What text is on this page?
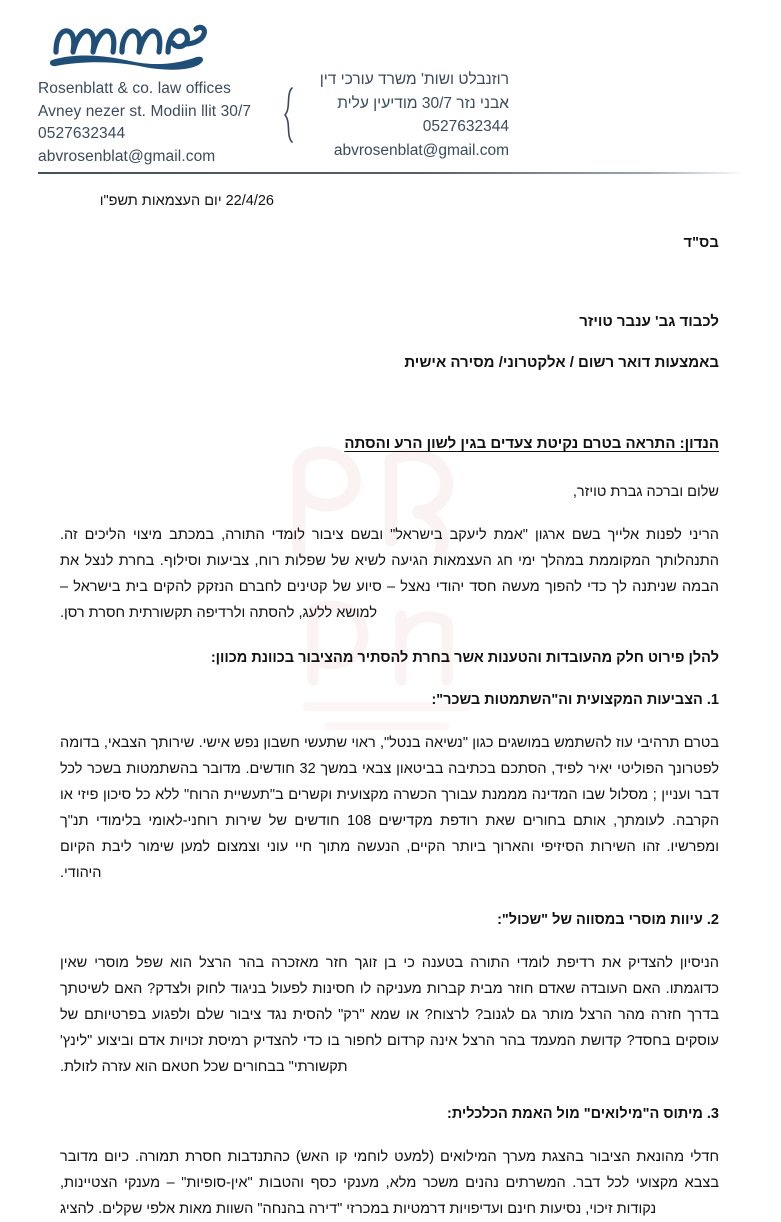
Rosenblatt & co. law offices
Avney nezer st. Modiin llit 30/7
0527632344
abvrosenblat@gmail.com
רוזנבלט ושות' משרד עורכי דין
אבני נזר 30/7 מודיעין עלית
0527632344
abvrosenblat@gmail.com
22/4/26 יום העצמאות תשפ"ו
בס"ד
לכבוד גב' ענבר טויזר
באמצעות דואר רשום / אלקטרוני/ מסירה אישית
הנדון: התראה בטרם נקיטת צעדים בגין לשון הרע והסתה
שלום וברכה גברת טויזר,

הריני לפנות אלייך בשם ארגון "אמת ליעקב בישראל" ובשם ציבור לומדי התורה, במכתב מיצוי הליכים זה. התנהלותך המקוממת במהלך ימי חג העצמאות הגיעה לשיא של שפלות רוח, צביעות וסילוף. בחרת לנצל את הבמה שניתנה לך כדי להפוך מעשה חסד יהודי נאצל – סיוע של קטינים לחברם הנזקק להקים בית בישראל – למושא ללעג, להסתה ולרדיפה תקשורתית חסרת רסן.

להלן פירוט חלק מהעובדות והטענות אשר בחרת להסתיר מהציבור בכוונת מכוון:
1. הצביעות המקצועית וה"השתמטות בשכר":

בטרם תרהיבי עוז להשתמש במושגים כגון "נשיאה בנטל", ראוי שתעשי חשבון נפש אישי. שירותך הצבאי, בדומה לפטרונך הפוליטי יאיר לפיד, הסתכם בכתיבה בביטאון צבאי במשך 32 חודשים. מדובר בהשתמטות בשכר לכל דבר ועניין ; מסלול שבו המדינה מממנת עבורך הכשרה מקצועית וקשרים ב"תעשיית הרוח" ללא כל סיכון פיזי או הקרבה. לעומתך, אותם בחורים שאת רודפת מקדישים 108 חודשים של שירות רוחני-לאומי בלימודי תנ"ך ומפרשיו. זהו השירות הסיזיפי והארוך ביותר הקיים, הנעשה מתוך חיי עוני וצמצום למען שימור ליבת הקיום היהודי.

2. עיוות מוסרי במסווה של "שכול":

הניסיון להצדיק את רדיפת לומדי התורה בטענה כי בן זוגך חזר מאזכרה בהר הרצל הוא שפל מוסרי שאין כדוגמתו. האם העובדה שאדם חוזר מבית קברות מעניקה לו חסינות לפעול בניגוד לחוק ולצדק? האם לשיטתך בדרך חזרה מהר הרצל מותר גם לגנוב? לרצוח? או שמא "רק" להסית נגד ציבור שלם ולפגוע בפרטיותם של עוסקים בחסד? קדושת המעמד בהר הרצל אינה קרדום לחפור בו כדי להצדיק רמיסת זכויות אדם וביצוע "לינץ' תקשורתי" בבחורים שכל חטאם הוא עזרה לזולת.

3. מיתוס ה"מילואים" מול האמת הכלכלית:

חדלי מהונאת הציבור בהצגת מערך המילואים (למעט לוחמי קו האש) כהתנדבות חסרת תמורה. כיום מדובר בצבא מקצועי לכל דבר. המשרתים נהנים משכר מלא, מענקי כסף והטבות "אין-סופיות" – מענקי הצטיינות, נקודות זיכוי, נסיעות חינם ועדיפויות דרמטיות במכרזי "דירה בהנחה" השוות מאות אלפי שקלים. להציג
